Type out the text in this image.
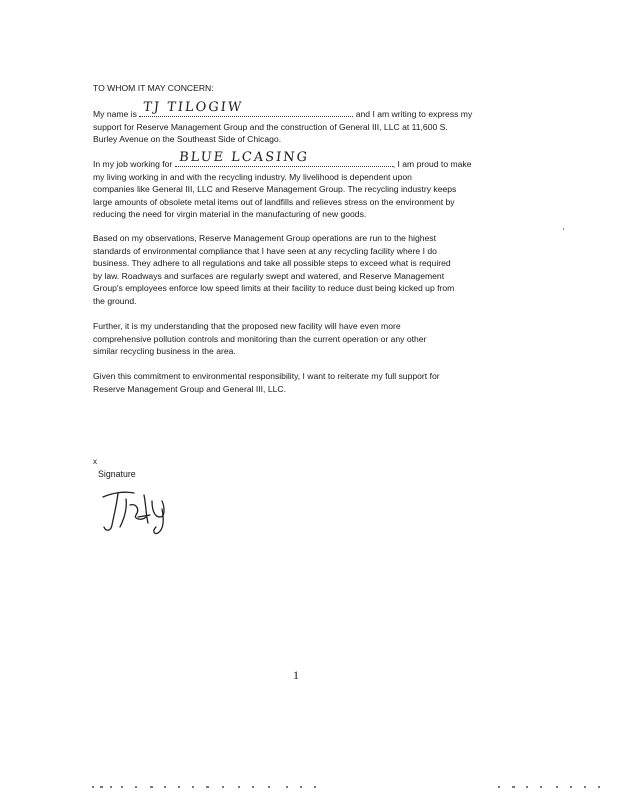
TO WHOM IT MAY CONCERN:
My name is TJ TILOGIW	and I am writing to express my
support for Reserve Management Group and the construction of General III, LLC at 11,600 S.
Burley Avenue on the Southeast Side of Chicago.
In my job working for BLUE LCASING	, I am proud to make
my living working in and with the recycling industry. My livelihood is dependent upon
companies like General III, LLC and Reserve Management Group. The recycling industry keeps
large amounts of obsolete metal items out of landfills and relieves stress on the environment by
reducing the need for virgin material in the manufacturing of new goods.
Based on my observations, Reserve Management Group operations are run to the highest
standards of environmental compliance that I have seen at any recycling facility where I do
business. They adhere to all regulations and take all possible steps to exceed what is required
by law. Roadways and surfaces are regularly swept and watered, and Reserve Management
Group's employees enforce low speed limits at their facility to reduce dust being kicked up from
the ground.
Further, it is my understanding that the proposed new facility will have even more
comprehensive pollution controls and monitoring than the current operation or any other
similar recycling business in the area.
Given this commitment to environmental responsibility, I want to reiterate my full support for
Reserve Management Group and General III, LLC.
x
Signature
1
